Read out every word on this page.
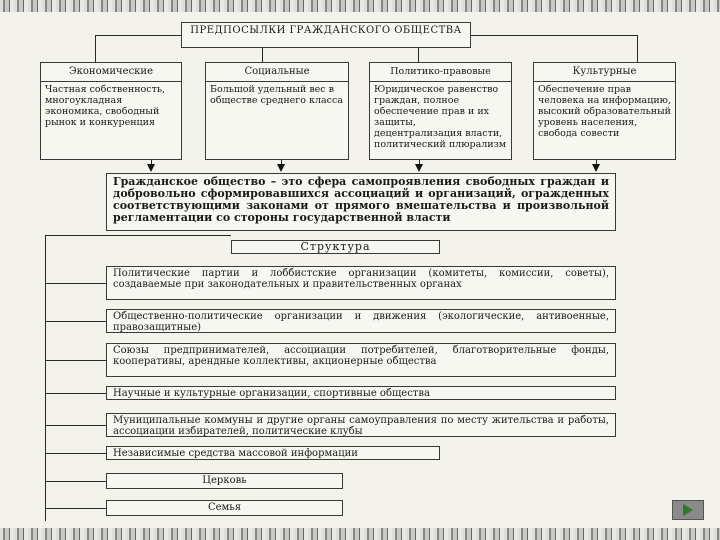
ПРЕДПОСЫЛКИ ГРАЖДАНСКОГО ОБЩЕСТВА
Экономические
Частная собственность, многоукладная экономика, свободный рынок и конкуренция
Социальные
Большой удельный вес в обществе среднего класса
Политико-правовые
Юридическое равенство граждан, полное обеспечение прав и их защиты, децентрализация власти, политический плюрализм
Культурные
Обеспечение прав человека на информацию, высокий образовательный уровень населения, свобода совести
Гражданское общество – это сфера самопроявления свободных граждан и добровольно сформировавшихся ассоциаций и организаций, огражденных соответствующими законами от прямого вмешательства и произвольной регламентации со стороны государственной власти
Структура
Политические партии и лоббистские организации (комитеты, комиссии, советы), создаваемые при законодательных и правительственных органах
Общественно-политические организации и движения (экологические, антивоенные, правозащитные)
Союзы предпринимателей, ассоциации потребителей, благотворительные фонды, кооперативы, арендные коллективы, акционерные общества
Научные и культурные организации, спортивные общества
Муниципальные коммуны и другие органы самоуправления по месту жительства и работы, ассоциации избирателей, политические клубы
Независимые средства массовой информации
Церковь
Семья
